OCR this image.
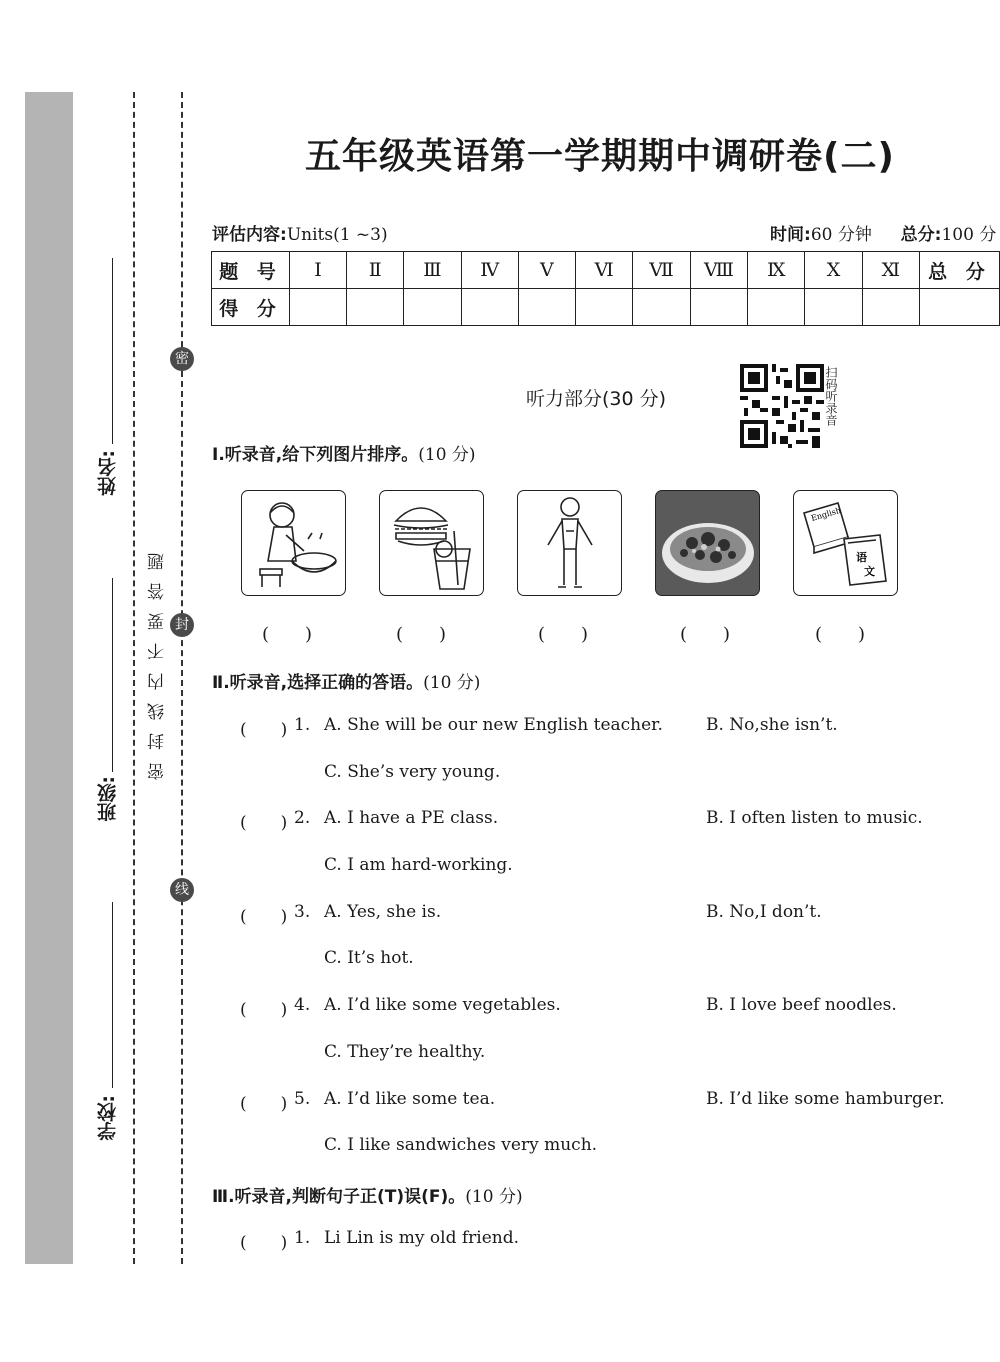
姓名:
班级:
学校:
密
封
线
密封线内不要答题
五年级英语第一学期期中调研卷(二)
评估内容:Units(1 ~3)	时间:60 分钟 总分:100 分
题 号	Ⅰ	Ⅱ	Ⅲ	Ⅳ	Ⅴ	Ⅵ	Ⅶ	Ⅷ	Ⅸ	Ⅹ	Ⅺ	总 分
得 分												
听力部分(30 分)	扫码听录音
Ⅰ.听录音,给下列图片排序。(10 分)
English
语
文
(　　)	(　　)	(　　)	(　　)	(　　)
Ⅱ.听录音,选择正确的答语。(10 分)
(　　) 1. A. She will be our new English teacher.	B. No,she isn’t.
C. She’s very young.
(　　) 2. A. I have a PE class.	B. I often listen to music.
C. I am hard-working.
(　　) 3. A. Yes, she is.	B. No,I don’t.
C. It’s hot.
(　　) 4. A. I’d like some vegetables.	B. I love beef noodles.
C. They’re healthy.
(　　) 5. A. I’d like some tea.	B. I’d like some hamburger.
C. I like sandwiches very much.
Ⅲ.听录音,判断句子正(T)误(F)。(10 分)
(　　) 1. Li Lin is my old friend.
